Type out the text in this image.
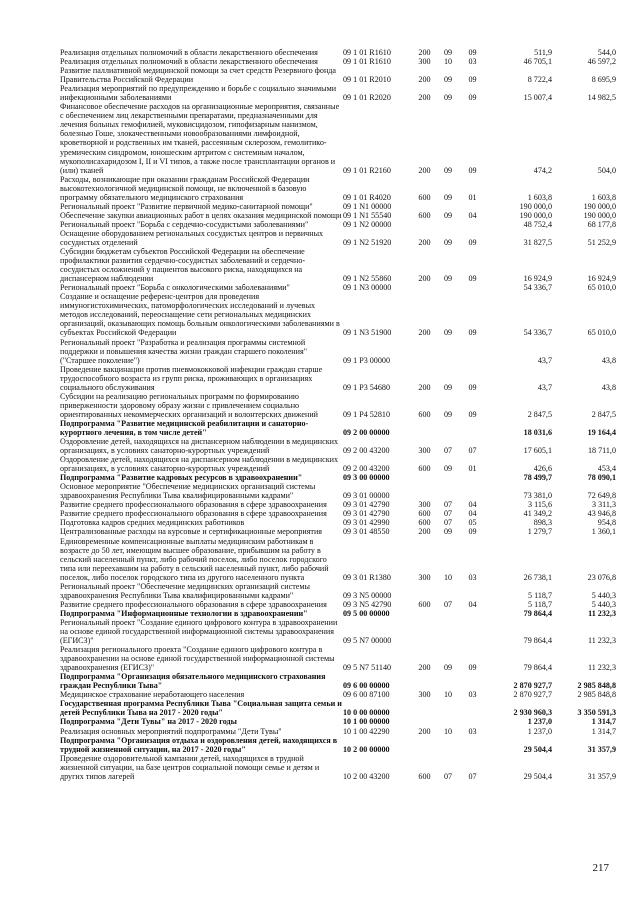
Реализация отдельных полномочий в области лекарственного обеспечения	09 1 01 R1610	200	09	09	511,9	544,0
Реализация отдельных полномочий в области лекарственного обеспечения	09 1 01 R1610	300	10	03	46 705,1	46 597,2
Развитие паллиативной медицинской помощи за счет средств Резервного фонда Правительства Российской Федерации	09 1 01 R2010	200	09	09	8 722,4	8 695,9
Реализация мероприятий по предупреждению и борьбе с социально значимыми инфекционными заболеваниями	09 1 01 R2020	200	09	09	15 007,4	14 982,5
Финансовое обеспечение расходов на организационные мероприятия, связанные с обеспечением лиц лекарственными препаратами, предназначенными для лечения больных гемофилией, муковисцидозом, гипофизарным нанизмом, болезнью Гоше, злокачественными новообразованиями лимфоидной, кроветворной и родственных им тканей, рассеянным склерозом, гемолитико-уремическим синдромом, юношеским артритом с системным началом, мукополисахаридозом I, II и VI типов, а также после трансплантации органов и (или) тканей	09 1 01 R2160	200	09	09	474,2	504,0
Расходы, возникающие при оказании гражданам Российской Федерации высокотехнологичной медицинской помощи, не включенной в базовую программу обязательного медицинского страхования	09 1 01 R4020	600	09	01	1 603,8	1 603,8
Региональный проект "Развитие первичной медико-санитарной помощи"	09 1 N1 00000				190 000,0	190 000,0
Обеспечение закупки авиационных работ в целях оказания медицинской помощи	09 1 N1 55540	600	09	04	190 000,0	190 000,0
Региональный проект "Борьба с сердечно-сосудистыми заболеваниями"	09 1 N2 00000				48 752,4	68 177,8
Оснащение оборудованием региональных сосудистых центров и первичных сосудистых отделений	09 1 N2 51920	200	09	09	31 827,5	51 252,9
Субсидии бюджетам субъектов Российской Федерации на обеспечение профилактики развития сердечно-сосудистых заболеваний и сердечно-сосудистых осложнений у пациентов высокого риска, находящихся на диспансерном наблюдении	09 1 N2 55860	200	09	09	16 924,9	16 924,9
Региональный проект "Борьба с онкологическими заболеваниями"	09 1 N3 00000				54 336,7	65 010,0
Создание и оснащение референс-центров для проведения иммуногистохимических, патоморфологических исследований и лучевых методов исследований, переоснащение сети региональных медицинских организаций, оказывающих помощь больным онкологическими заболеваниями в субъектах Российской Федерации	09 1 N3 51900	200	09	09	54 336,7	65 010,0
Региональный проект "Разработка и реализация программы системной поддержки и повышения качества жизни граждан старшего поколения" ("Старшее поколение")	09 1 P3 00000				43,7	43,8
Проведение вакцинации против пневмококковой инфекции граждан старше трудоспособного возраста из групп риска, проживающих в организациях социального обслуживания	09 1 P3 54680	200	09	09	43,7	43,8
Субсидии на реализацию региональных программ по формированию приверженности здоровому образу жизни с привлечением социально ориентированных некоммерческих организаций и волонтерских движений	09 1 P4 52810	600	09	09	2 847,5	2 847,5
Подпрограмма "Развитие медицинской реабилитации и санаторно-курортного лечения, в том числе детей"	09 2 00 00000				18 031,6	19 164,4
Оздоровление детей, находящихся на диспансерном наблюдении в медицинских организациях, в условиях санаторно-курортных учреждений	09 2 00 43200	300	07	07	17 605,1	18 711,0
Оздоровление детей, находящихся на диспансерном наблюдении в медицинских организациях, в условиях санаторно-курортных учреждений	09 2 00 43200	600	09	01	426,6	453,4
Подпрограмма "Развитие кадровых ресурсов в здравоохранении"	09 3 00 00000				78 499,7	78 090,1
Основное мероприятие "Обеспечение медицинских организаций системы здравоохранения Республики Тыва квалифицированными кадрами"	09 3 01 00000				73 381,0	72 649,8
Развитие среднего профессионального образования в сфере здравоохранения	09 3 01 42790	300	07	04	3 115,6	3 311,3
Развитие среднего профессионального образования в сфере здравоохранения	09 3 01 42790	600	07	04	41 349,2	43 946,8
Подготовка кадров средних медицинских работников	09 3 01 42990	600	07	05	898,3	954,8
Централизованные расходы на курсовые и сертификационные мероприятия	09 3 01 48550	200	09	09	1 279,7	1 360,1
Единовременные компенсационные выплаты медицинским работникам в возрасте до 50 лет, имеющим высшее образование, прибывшим на работу в сельский населенный пункт, либо рабочий поселок, либо поселок городского типа или переехавшим на работу в сельский населенный пункт, либо рабочий поселок, либо поселок городского типа из другого населенного пункта	09 3 01 R1380	300	10	03	26 738,1	23 076,8
Региональный проект "Обеспечение медицинских организаций системы здравоохранения Республики Тыва квалифицированными кадрами"	09 3 N5 00000				5 118,7	5 440,3
Развитие среднего профессионального образования в сфере здравоохранения	09 3 N5 42790	600	07	04	5 118,7	5 440,3
Подпрограмма "Информационные технологии в здравоохранении"	09 5 00 00000				79 864,4	11 232,3
Региональный проект "Создание единого цифрового контура в здравоохранении на основе единой государственной информационной системы здравоохранения (ЕГИСЗ)"	09 5 N7 00000				79 864,4	11 232,3
Реализация регионального проекта "Создание единого цифрового контура в здравоохранении на основе единой государственной информационной системы здравоохранения (ЕГИСЗ)"	09 5 N7 51140	200	09	09	79 864,4	11 232,3
Подпрограмма "Организация обязательного медицинского страхования граждан Республики Тыва"	09 6 00 00000				2 870 927,7	2 985 848,8
Медицинское страхование неработающего населения	09 6 00 87100	300	10	03	2 870 927,7	2 985 848,8
Государственная программа Республики Тыва "Социальная защита семьи и детей Республики Тыва на 2017 - 2020 годы"	10 0 00 00000				2 930 960,3	3 350 591,3
Подпрограмма "Дети Тувы" на 2017 - 2020 годы	10 1 00 00000				1 237,0	1 314,7
Реализация основных мероприятий подпрограммы "Дети Тувы"	10 1 00 42290	200	10	03	1 237,0	1 314,7
Подпрограмма "Организация отдыха и оздоровления детей, находящихся в трудной жизненной ситуации, на 2017 - 2020 годы"	10 2 00 00000				29 504,4	31 357,9
Проведение оздоровительной кампании детей, находящихся в трудной жизненной ситуации, на базе центров социальной помощи семье и детям и других типов лагерей	10 2 00 43200	600	07	07	29 504,4	31 357,9
217
